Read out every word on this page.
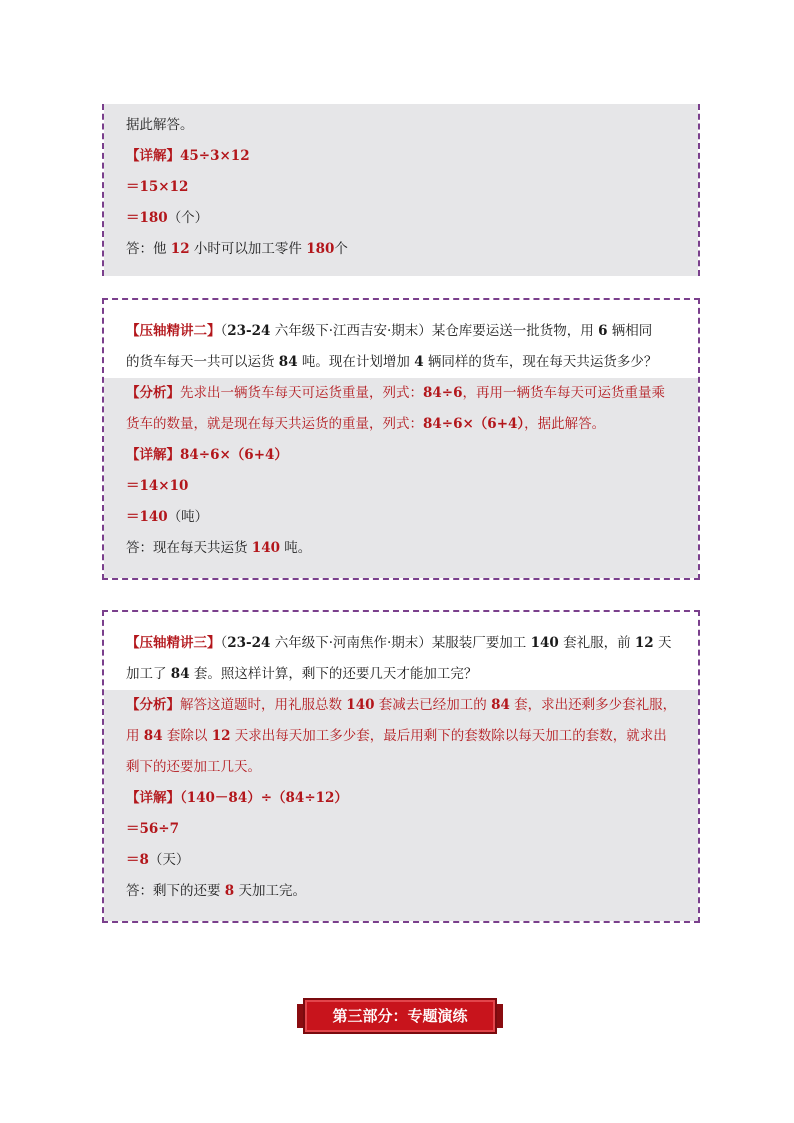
据此解答。
【详解】45÷3×12
＝15×12
＝180（个）
答：他 12 小时可以加工零件 180个
【压轴精讲二】（23-24 六年级下·江西吉安·期末）某仓库要运送一批货物，用 6 辆相同
的货车每天一共可以运货 84 吨。现在计划增加 4 辆同样的货车，现在每天共运货多少？
【分析】先求出一辆货车每天可运货重量，列式：84÷6，再用一辆货车每天可运货重量乘
货车的数量，就是现在每天共运货的重量，列式：84÷6×（6+4），据此解答。
【详解】84÷6×（6+4）
＝14×10
＝140（吨）
答：现在每天共运货 140 吨。
【压轴精讲三】（23-24 六年级下·河南焦作·期末）某服装厂要加工 140 套礼服，前 12 天
加工了 84 套。照这样计算，剩下的还要几天才能加工完？
【分析】解答这道题时，用礼服总数 140 套减去已经加工的 84 套，求出还剩多少套礼服，
用 84 套除以 12 天求出每天加工多少套，最后用剩下的套数除以每天加工的套数，就求出
剩下的还要加工几天。
【详解】（140－84）÷（84÷12）
＝56÷7
＝8（天）
答：剩下的还要 8 天加工完。
第三部分：专题演练
